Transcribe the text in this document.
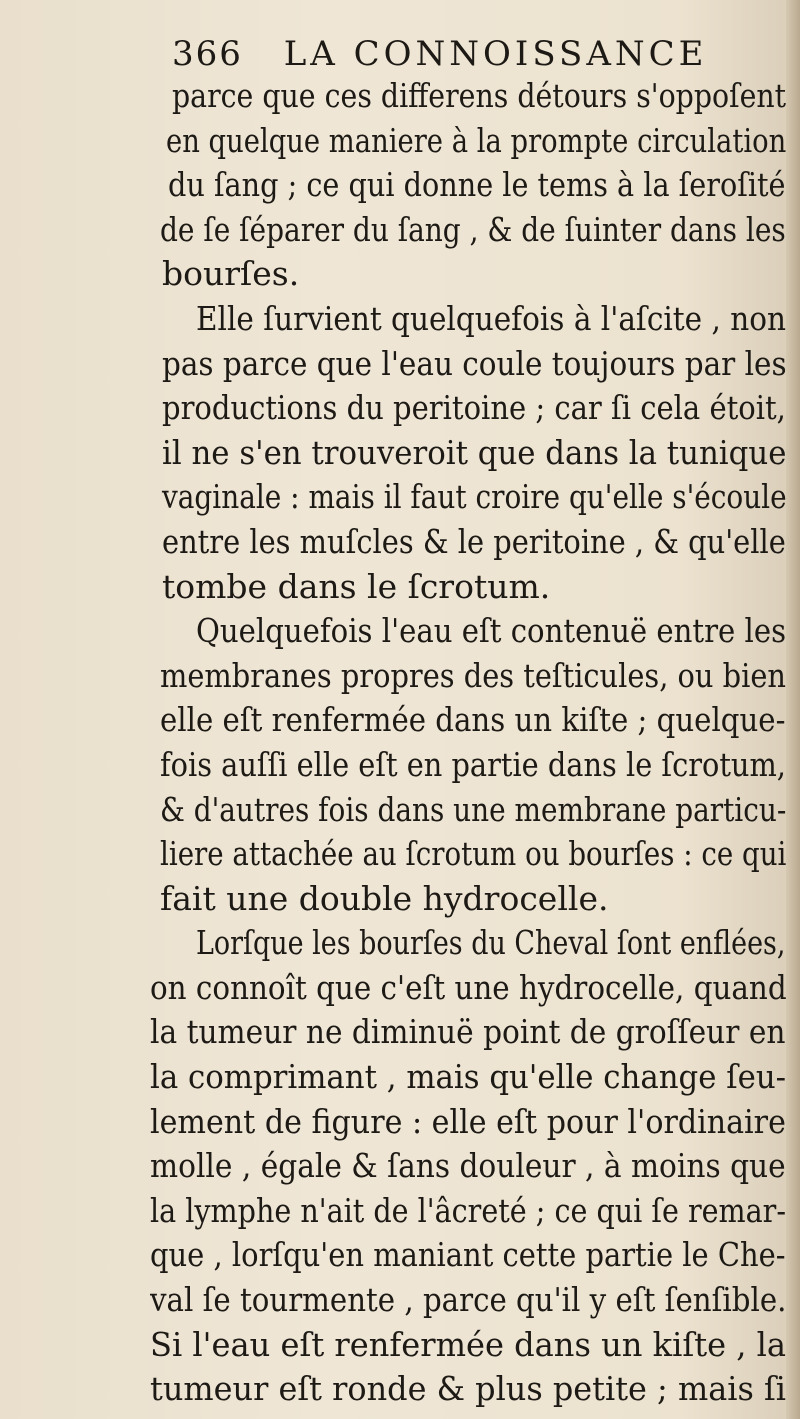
366 LA CONNOISSANCE
parce que ces differens détours s'oppoſent
en quelque maniere à la prompte circulation
du ſang ; ce qui donne le tems à la ſeroſité
de ſe ſéparer du ſang , & de ſuinter dans les
bourſes.
Elle ſurvient quelquefois à l'aſcite , non
pas parce que l'eau coule toujours par les
productions du peritoine ; car ſi cela étoit,
il ne s'en trouveroit que dans la tunique
vaginale : mais il faut croire qu'elle s'écoule
entre les muſcles & le peritoine , & qu'elle
tombe dans le ſcrotum.
Quelquefois l'eau eſt contenuë entre les
membranes propres des teſticules, ou bien
elle eſt renfermée dans un kiſte ; quelque-
fois auſſi elle eſt en partie dans le ſcrotum,
& d'autres fois dans une membrane particu-
liere attachée au ſcrotum ou bourſes : ce qui
fait une double hydrocelle.
Lorſque les bourſes du Cheval ſont enflées,
on connoît que c'eſt une hydrocelle, quand
la tumeur ne diminuë point de groſſeur en
la comprimant , mais qu'elle change ſeu-
lement de figure : elle eſt pour l'ordinaire
molle , égale & ſans douleur , à moins que
la lymphe n'ait de l'âcreté ; ce qui ſe remar-
que , lorſqu'en maniant cette partie le Che-
val ſe tourmente , parce qu'il y eſt ſenſible.
Si l'eau eſt renfermée dans un kiſte , la
tumeur eſt ronde & plus petite ; mais ſi
